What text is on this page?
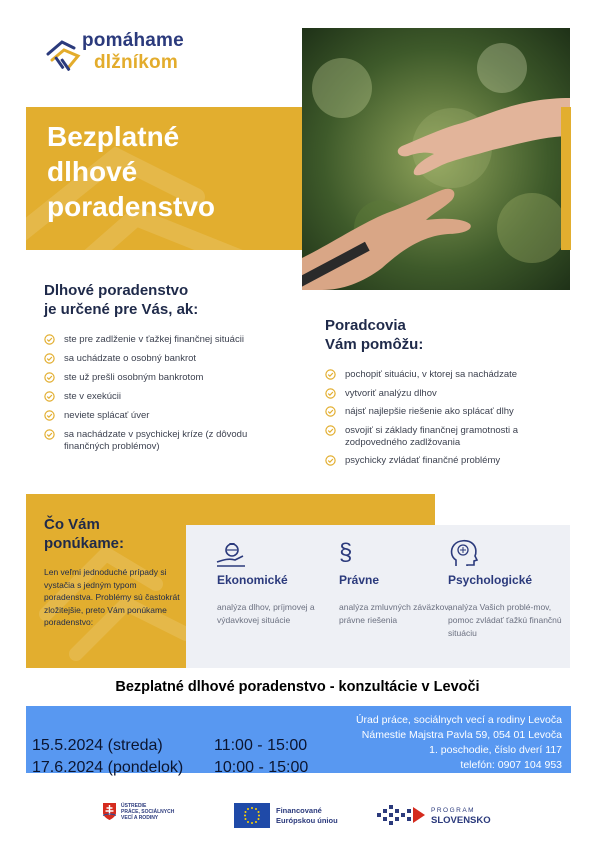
pomáhame
dlžníkom
Bezplatné
dlhové
poradenstvo
Dlhové poradenstvo
je určené pre Vás, ak:
ste pre zadlženie v ťažkej finančnej situácii
sa uchádzate o osobný bankrot
ste už prešli osobným bankrotom
ste v exekúcii
neviete splácať úver
sa nachádzate v psychickej kríze (z dôvodu finančných problémov)
Poradcovia
Vám pomôžu:
pochopiť situáciu, v ktorej sa nachádzate
vytvoriť analýzu dlhov
nájsť najlepšie riešenie ako splácať dlhy
osvojiť si základy finančnej gramotnosti a zodpovedného zadlžovania
psychicky zvládať finančné problémy
Čo Vám
ponúkame:
Len veľmi jednoduché prípady si vystačia s jedným typom poradenstva. Problémy sú častokrát zložitejšie, preto Vám ponúkame poradenstvo:
Ekonomické
analýza dlhov, príjmovej a výdavkovej situácie
§
Právne
analýza zmluvných záväzkov, právne riešenia
Psychologické
analýza Vašich problé-mov, pomoc zvládať ťažkú finančnú situáciu
Bezplatné dlhové poradenstvo - konzultácie v Levoči
15.5.2024 (streda)	11:00 - 15:00
17.6.2024 (pondelok) 10:00 - 15:00
Úrad práce, sociálnych vecí a rodiny Levoča
Námestie Majstra Pavla 59, 054 01 Levoča
1. poschodie, číslo dverí 117
telefón: 0907 104 953
e-mail: bdp.pp@upsvr.gov.sk
ÚSTREDIE
PRÁCE, SOCIÁLNYCH
VECÍ A RODINY
Financované
Európskou úniou
PROGRAM
SLOVENSKO
